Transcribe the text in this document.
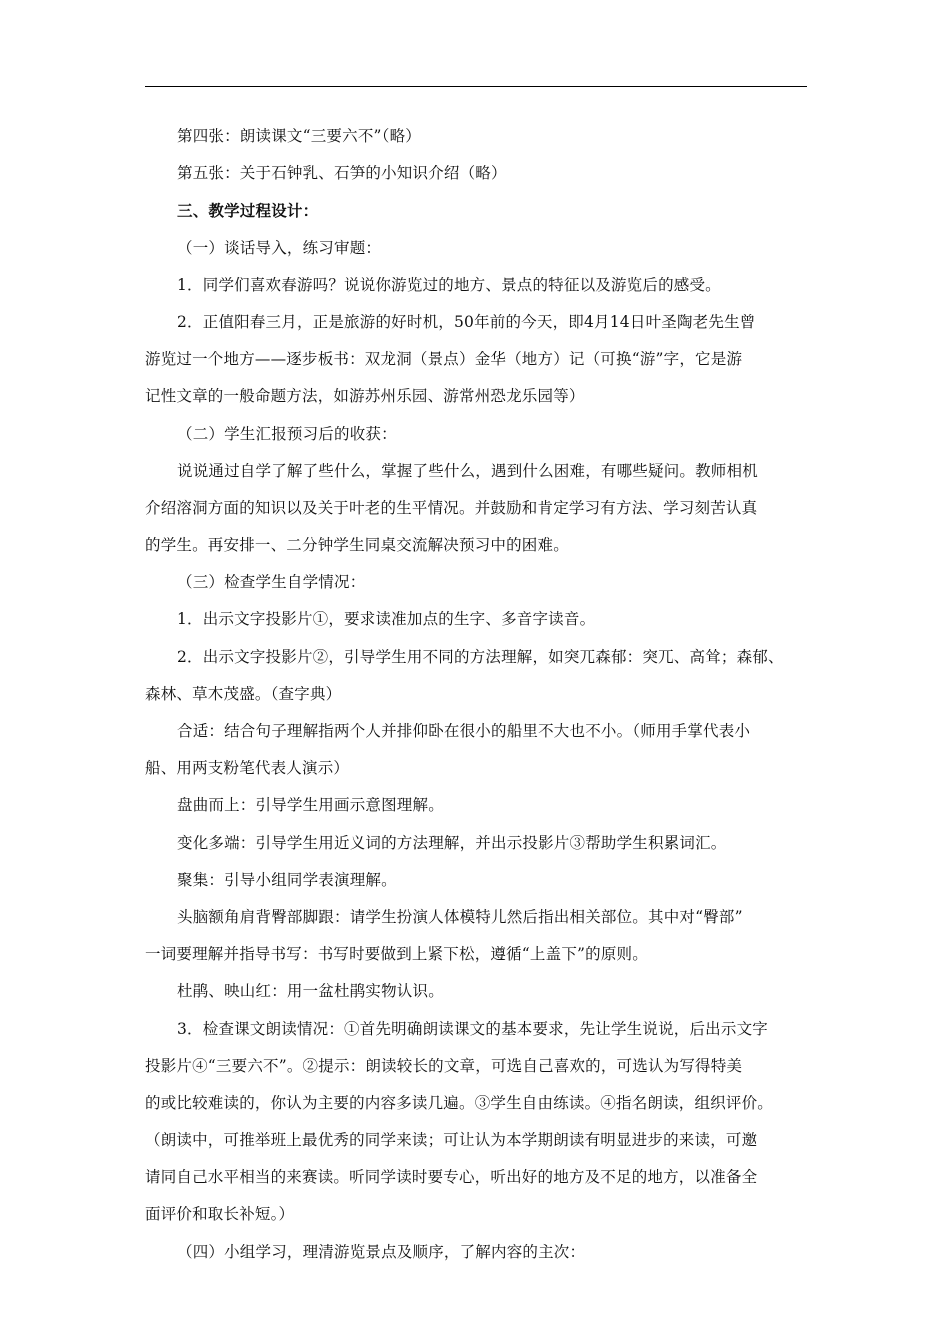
第四张：朗读课文“三要六不”（略）
第五张：关于石钟乳、石笋的小知识介绍（略）
三、教学过程设计：
（一）谈话导入，练习审题：
1．同学们喜欢春游吗？说说你游览过的地方、景点的特征以及游览后的感受。
2．正值阳春三月，正是旅游的好时机，50年前的今天，即4月14日叶圣陶老先生曾
游览过一个地方——逐步板书：双龙洞（景点）金华（地方）记（可换“游”字，它是游
记性文章的一般命题方法，如游苏州乐园、游常州恐龙乐园等）
（二）学生汇报预习后的收获：
说说通过自学了解了些什么，掌握了些什么，遇到什么困难，有哪些疑问。教师相机
介绍溶洞方面的知识以及关于叶老的生平情况。并鼓励和肯定学习有方法、学习刻苦认真
的学生。再安排一、二分钟学生同桌交流解决预习中的困难。
（三）检查学生自学情况：
1．出示文字投影片①，要求读准加点的生字、多音字读音。
2．出示文字投影片②，引导学生用不同的方法理解，如突兀森郁：突兀、高耸；森郁、
森林、草木茂盛。（查字典）
合适：结合句子理解指两个人并排仰卧在很小的船里不大也不小。（师用手掌代表小
船、用两支粉笔代表人演示）
盘曲而上：引导学生用画示意图理解。
变化多端：引导学生用近义词的方法理解，并出示投影片③帮助学生积累词汇。
聚集：引导小组同学表演理解。
头脑额角肩背臀部脚跟：请学生扮演人体模特儿然后指出相关部位。其中对“臀部”
一词要理解并指导书写：书写时要做到上紧下松，遵循“上盖下”的原则。
杜鹃、映山红：用一盆杜鹃实物认识。
3．检查课文朗读情况：①首先明确朗读课文的基本要求，先让学生说说，后出示文字
投影片④“三要六不”。②提示：朗读较长的文章，可选自己喜欢的，可选认为写得特美
的或比较难读的，你认为主要的内容多读几遍。③学生自由练读。④指名朗读，组织评价。
（朗读中，可推举班上最优秀的同学来读；可让认为本学期朗读有明显进步的来读，可邀
请同自己水平相当的来赛读。听同学读时要专心，听出好的地方及不足的地方，以准备全
面评价和取长补短。）
（四）小组学习，理清游览景点及顺序，了解内容的主次：
